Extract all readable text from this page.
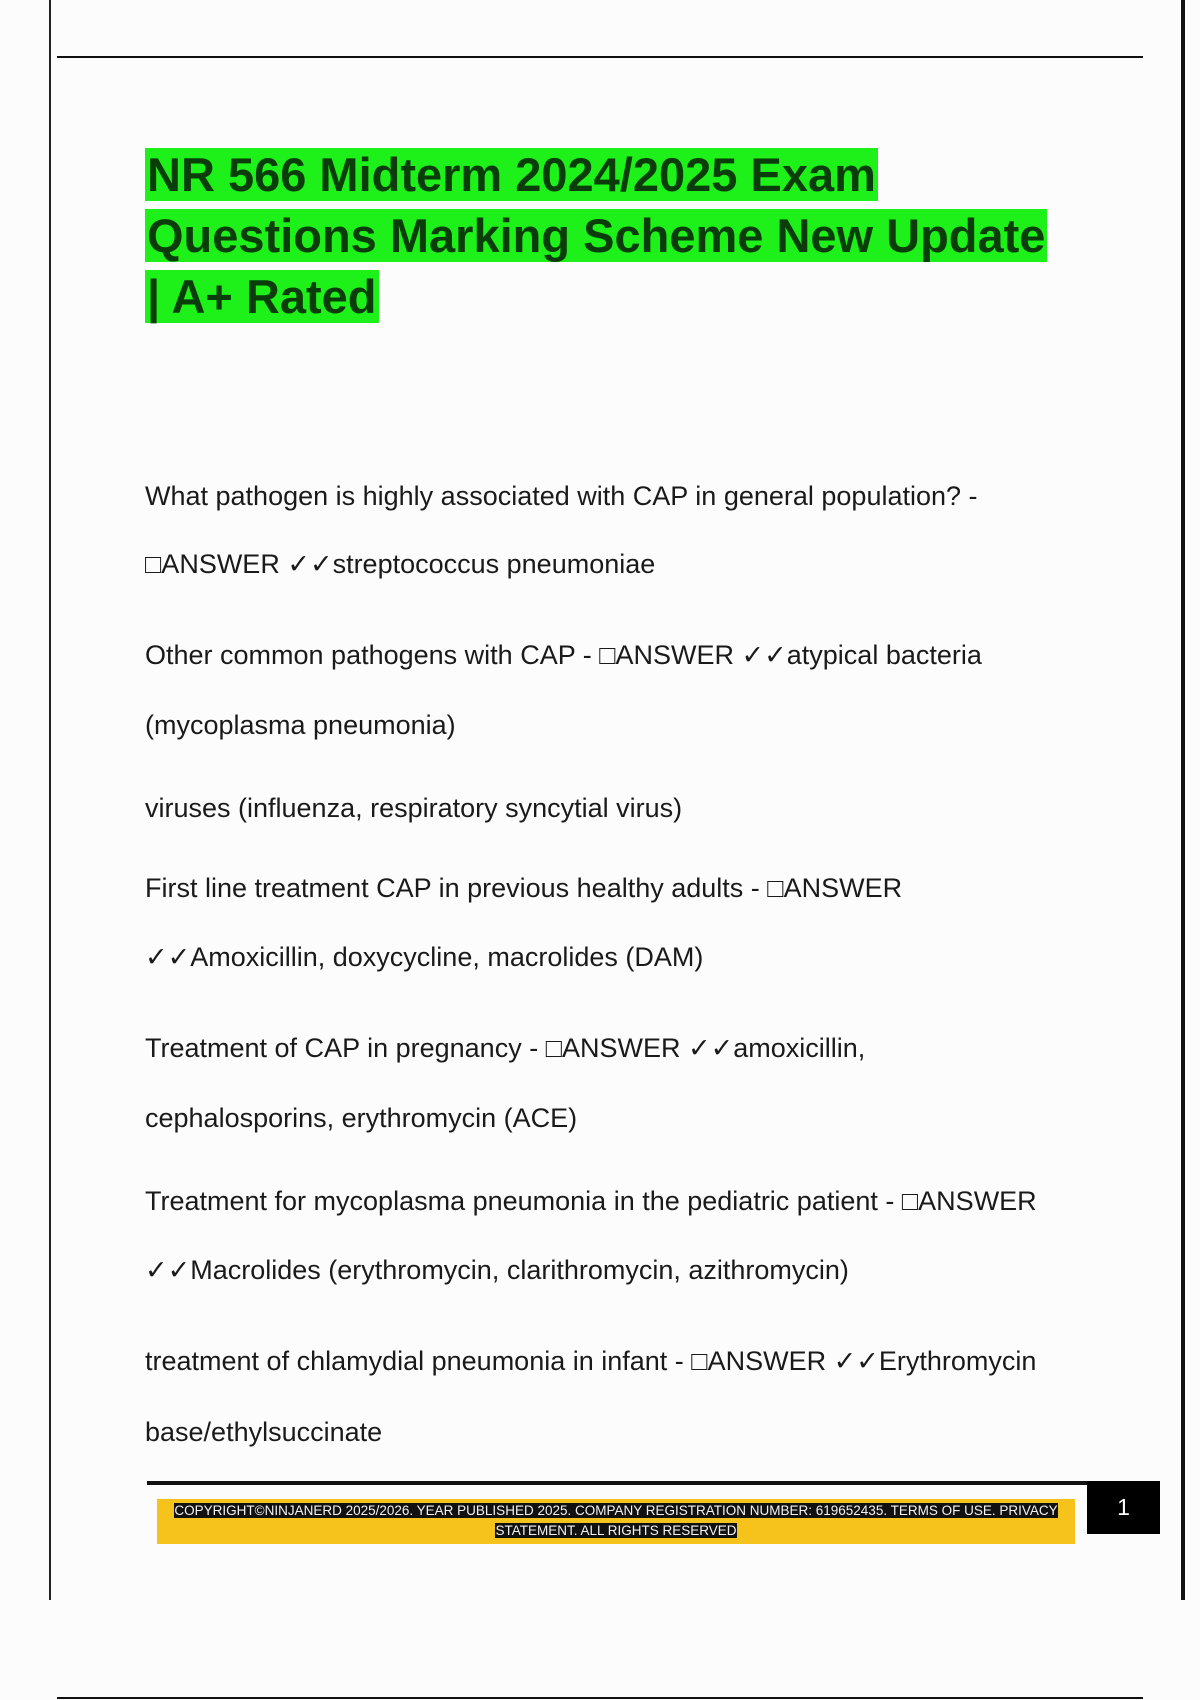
NR 566 Midterm 2024/2025 Exam
Questions Marking Scheme New Update
| A+ Rated

What pathogen is highly associated with CAP in general population? -

□ANSWER ✓✓streptococcus pneumoniae

Other common pathogens with CAP - □ANSWER ✓✓atypical bacteria

(mycoplasma pneumonia)

viruses (influenza, respiratory syncytial virus)

First line treatment CAP in previous healthy adults - □ANSWER

✓✓Amoxicillin, doxycycline, macrolides (DAM)

Treatment of CAP in pregnancy - □ANSWER ✓✓amoxicillin,

cephalosporins, erythromycin (ACE)

Treatment for mycoplasma pneumonia in the pediatric patient - □ANSWER

✓✓Macrolides (erythromycin, clarithromycin, azithromycin)

treatment of chlamydial pneumonia in infant - □ANSWER ✓✓Erythromycin

base/ethylsuccinate

COPYRIGHT©NINJANERD 2025/2026. YEAR PUBLISHED 2025. COMPANY REGISTRATION NUMBER: 619652435. TERMS OF USE. PRIVACY
STATEMENT. ALL RIGHTS RESERVED

1
